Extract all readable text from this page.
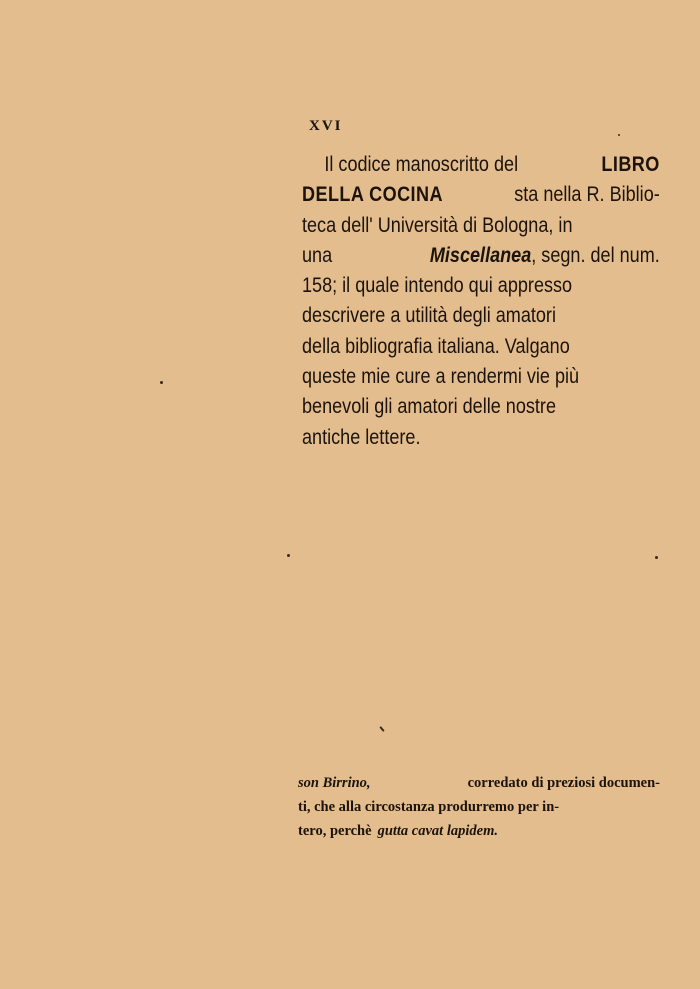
XVI
Il codice manoscritto del	LIBRO
DELLA COCINA	sta nella R. Biblio-
teca dell' Università di Bologna, in
una	Miscellanea, segn. del num.
158; il quale intendo qui appresso
descrivere a utilità degli amatori
della bibliografia italiana. Valgano
queste mie cure a rendermi vie più
benevoli gli amatori delle nostre
antiche lettere.
son Birrino,	corredato di preziosi documen-
ti, che alla circostanza produrremo per in-
tero, perchè gutta cavat lapidem.
